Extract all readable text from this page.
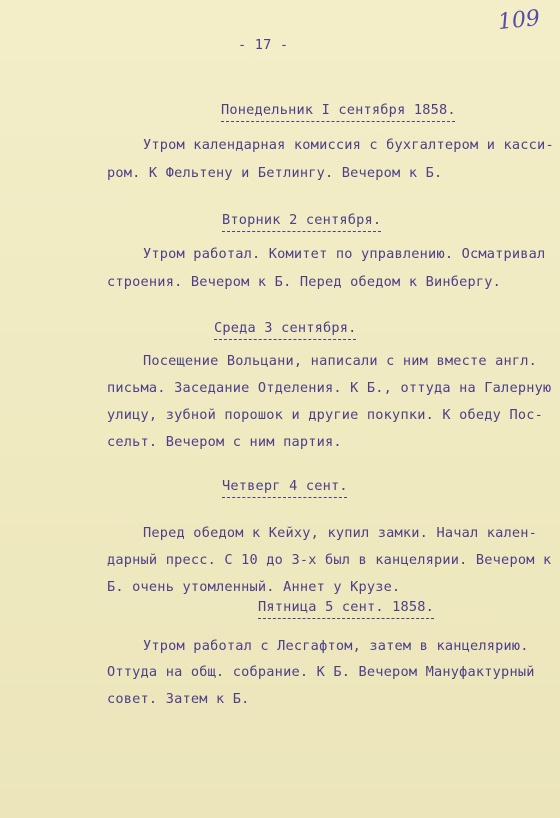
109

- 17 -

Понедельник I сентября 1858.

Утром календарная комиссия с бухгалтером и касси-

ром. К Фельтену и Бетлингу. Вечером к Б.

Вторник 2 сентября.

Утром работал. Комитет по управлению. Осматривал

строения. Вечером к Б. Перед обедом к Винбергу.

Среда 3 сентября.

Посещение Вольцани, написали с ним вместе англ.

письма. Заседание Отделения. К Б., оттуда на Галерную

улицу, зубной порошок и другие покупки. К обеду Пос-

сельт. Вечером с ним партия.

Четверг 4 сент.

Перед обедом к Кейху, купил замки. Начал кален-

дарный пресс. С 10 до 3-х был в канцелярии. Вечером к

Б. очень утомленный. Аннет у Крузе.

Пятница 5 сент. 1858.

Утром работал с Лесгафтом, затем в канцелярию.

Оттуда на общ. собрание. К Б. Вечером Мануфактурный

совет. Затем к Б.
